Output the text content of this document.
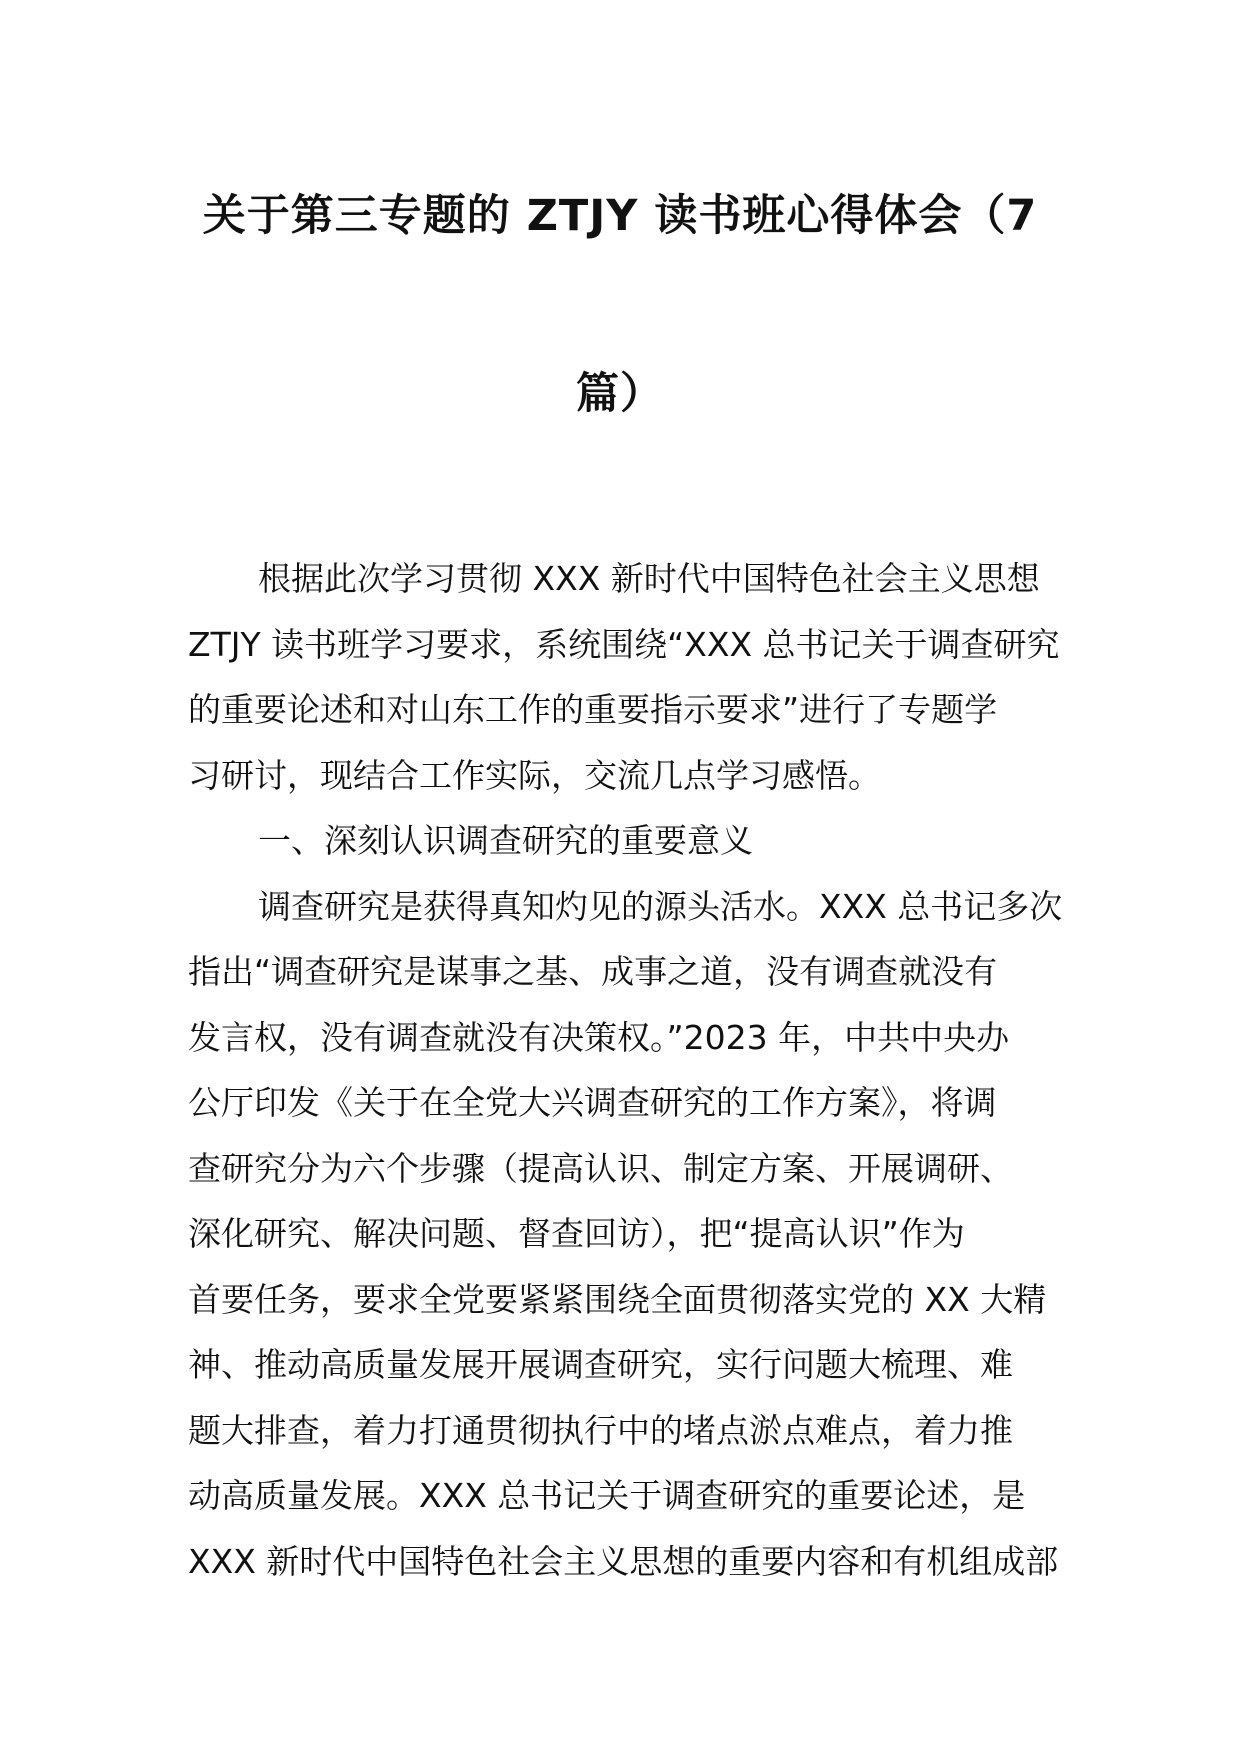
关于第三专题的 ZTJY 读书班心得体会（7
篇）
根据此次学习贯彻 XXX 新时代中国特色社会主义思想
ZTJY 读书班学习要求，系统围绕“XXX 总书记关于调查研究
的重要论述和对山东工作的重要指示要求”进行了专题学
习研讨，现结合工作实际，交流几点学习感悟。
一、深刻认识调查研究的重要意义
调查研究是获得真知灼见的源头活水。XXX 总书记多次
指出“调查研究是谋事之基、成事之道，没有调查就没有
发言权，没有调查就没有决策权。”2023 年，中共中央办
公厅印发《关于在全党大兴调查研究的工作方案》，将调
查研究分为六个步骤（提高认识、制定方案、开展调研、
深化研究、解决问题、督查回访），把“提高认识”作为
首要任务，要求全党要紧紧围绕全面贯彻落实党的 XX 大精
神、推动高质量发展开展调查研究，实行问题大梳理、难
题大排查，着力打通贯彻执行中的堵点淤点难点，着力推
动高质量发展。XXX 总书记关于调查研究的重要论述，是
XXX 新时代中国特色社会主义思想的重要内容和有机组成部
